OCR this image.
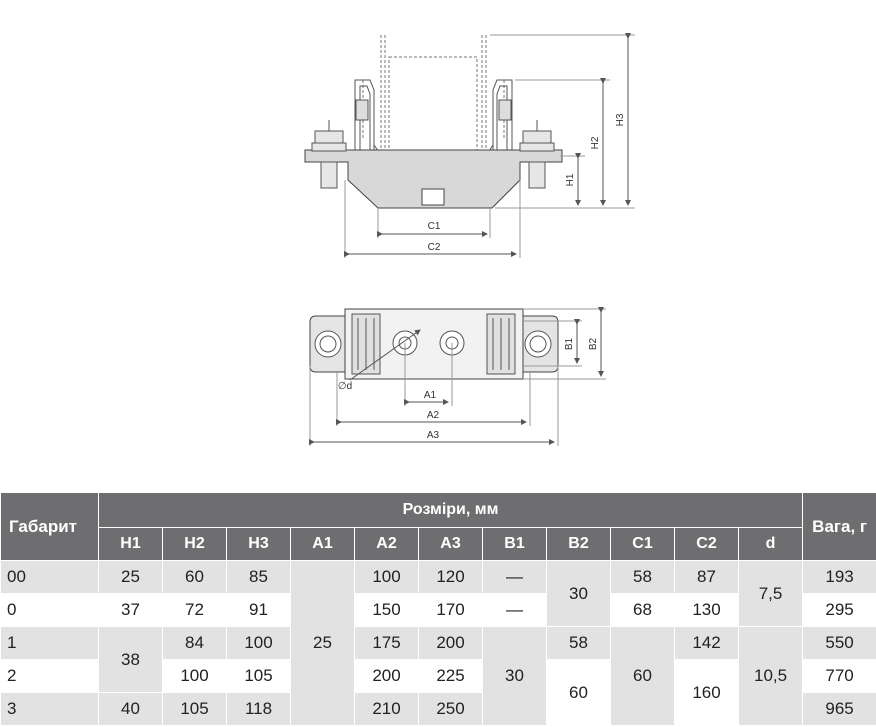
C1
C2
H1
H2
H3
A1
A2
A3
B1 B2
∅d
Габарит	Розміри, мм											Вага, г
	H1	H2	H3	A1	A2	A3	B1	B2	C1	C2	d	
00	25	60	85	25	100	120	—	30	58	87	7,5	193
0	37	72	91		150	170	—		68	130		295
1	38	84	100		175	200	30	58	60	142	10,5	550
2		100	105		200	225		60		160		770
3	40	105	118		210	250						965
